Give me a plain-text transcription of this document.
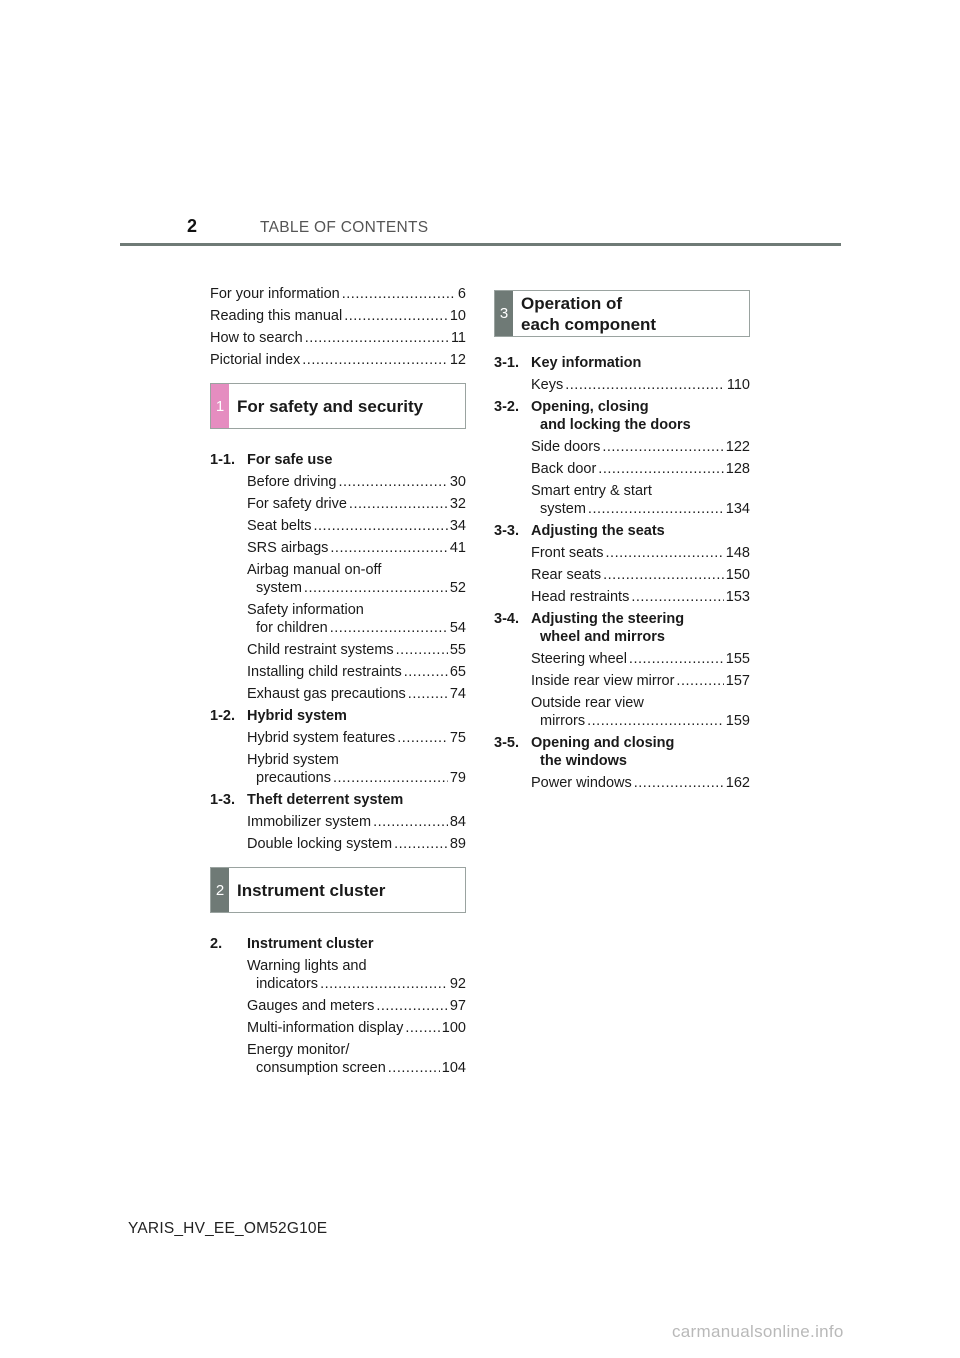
2	TABLE OF CONTENTS
For your information .....	6
Reading this manual .....	10
How to search .....	11
Pictorial index .....	12
1 For safety and security
1-1. For safe use
Before driving .....	30
For safety drive .....	32
Seat belts .....	34
SRS airbags .....	41
Airbag manual on-off
system .....	52
Safety information
for children .....	54
Child restraint systems .....	55
Installing child restraints .....	65
Exhaust gas precautions .....	74
1-2. Hybrid system
Hybrid system features .....	75
Hybrid system
precautions .....	79
1-3. Theft deterrent system
Immobilizer system .....	84
Double locking system .....	89
2 Instrument cluster
2.	Instrument cluster
Warning lights and
indicators .....	92
Gauges and meters .....	97
Multi-information display .....	100
Energy monitor/
consumption screen .....	104
3
Operation of
each component
3-1. Key information
Keys .....	110
3-2. Opening, closing
and locking the doors
Side doors .....	122
Back door .....	128
Smart entry & start
system .....	134
3-3. Adjusting the seats
Front seats .....	148
Rear seats .....	150
Head restraints .....	153
3-4. Adjusting the steering
wheel and mirrors
Steering wheel .....	155
Inside rear view mirror .....	157
Outside rear view
mirrors .....	159
3-5. Opening and closing
the windows
Power windows .....	162
YARIS_HV_EE_OM52G10E
carmanualsonline.info
